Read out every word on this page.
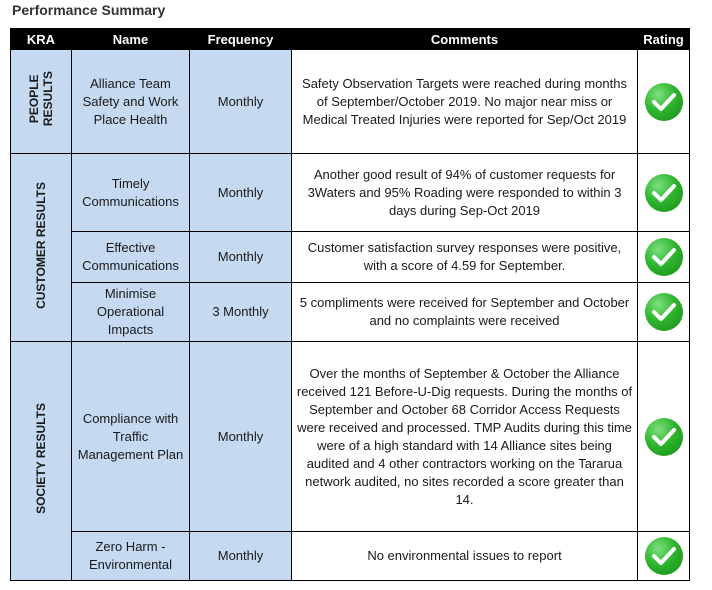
Performance Summary
KRA	Name	Frequency	Comments	Rating
PEOPLE
RESULTS	Alliance Team Safety and Work Place Health	Monthly	Safety Observation Targets were reached during months of September/October 2019. No major near miss or Medical Treated Injuries were reported for Sep/Oct 2019	

CUSTOMER RESULTS	Timely Communications	Monthly	Another good result of 94% of customer requests for 3Waters and 95% Roading were responded to within 3 days during Sep-Oct 2019	

	Effective Communications	Monthly	Customer satisfaction survey responses were positive, with a score of 4.59 for September.	

	Minimise Operational Impacts	3 Monthly	5 compliments were received for September and October and no complaints were received	

SOCIETY RESULTS	Compliance with Traffic Management Plan	Monthly	Over the months of September & October the Alliance received 121 Before-U-Dig requests. During the months of September and October 68 Corridor Access Requests were received and processed. TMP Audits during this time were of a high standard with 14 Alliance sites being audited and 4 other contractors working on the Tararua network audited, no sites recorded a score greater than 14.	

	Zero Harm - Environmental	Monthly	No environmental issues to report	
